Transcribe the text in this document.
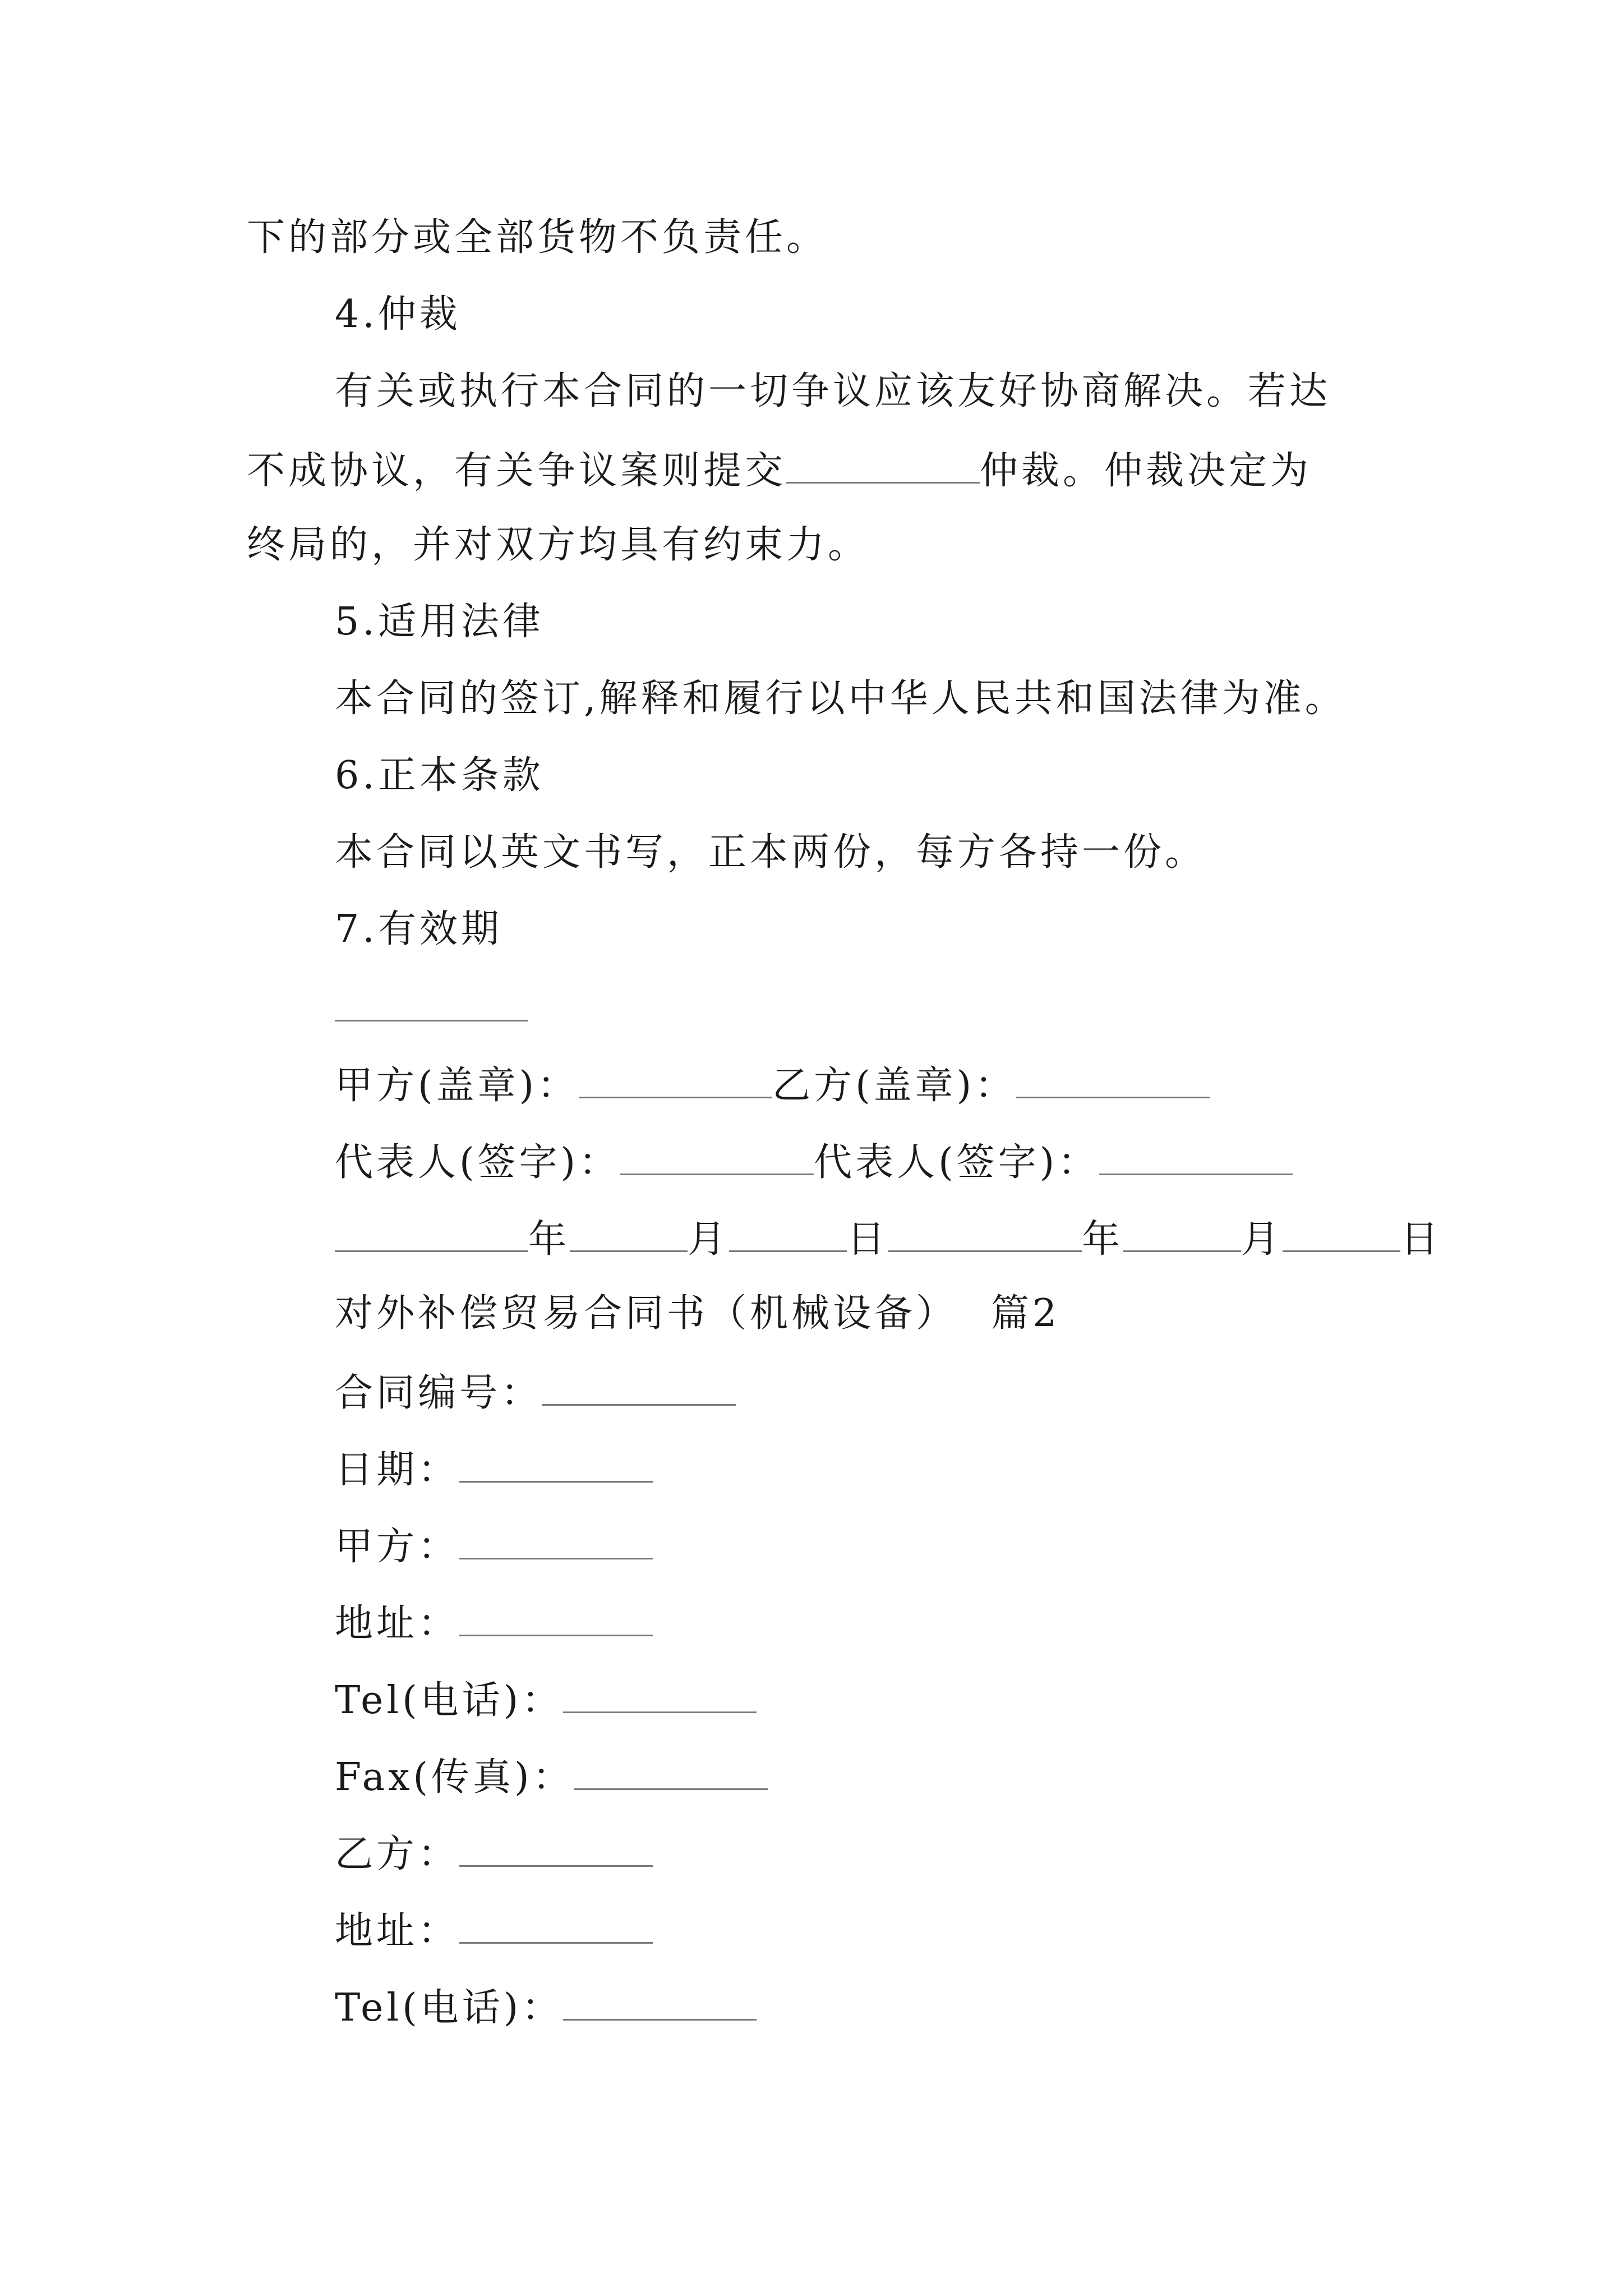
下的部分或全部货物不负责任。
4.仲裁
有关或执行本合同的一切争议应该友好协商解决。若达
不成协议，有关争议案则提交	仲裁。仲裁决定为
终局的，并对双方均具有约束力。
5.适用法律
本合同的签订,解释和履行以中华人民共和国法律为准。
6.正本条款
本合同以英文书写，正本两份，每方各持一份。
7.有效期
甲方(盖章)：	乙方(盖章)：
代表人(签字)：	代表人(签字)：
年	月	日	年	月	日
对外补偿贸易合同书（机械设备） 篇2
合同编号：
日期：
甲方：
地址：
Tel(电话)：
Fax(传真)：
乙方：
地址：
Tel(电话)：
